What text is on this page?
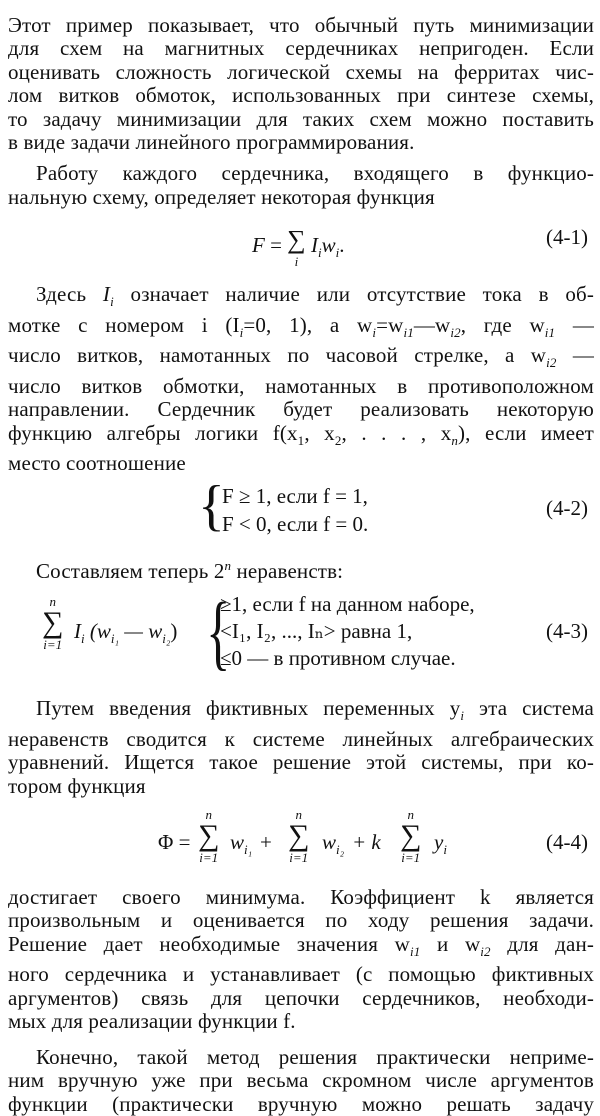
Этот пример показывает, что обычный путь минимизации

для схем на магнитных сердечниках непригоден. Если

оценивать сложность логической схемы на ферритах чис-

лом витков обмоток, использованных при синтезе схемы,

то задачу минимизации для таких схем можно поставить

в виде задачи линейного программирования.

Работу каждого сердечника, входящего в функцио-

нальную схему, определяет некоторая функция

F = ∑
i
$I_iw_i$.	(4-1)

Здесь $I_i$ означает наличие или отсутствие тока в об-

мотке с номером i ($I_i=0$, 1), а $w_i=w_{i1}—w_{i2}$, где $w_{i1}$ —

число витков, намотанных по часовой стрелке, а $w_{i2}$ —

число витков обмотки, намотанных в противоположном

направлении. Сердечник будет реализовать некоторую

функцию алгебры логики $f(x_1$, $x_2$, . . . , $x_n$), если имеет

место соотношение

{
F ≥ 1, если f = 1,
F < 0, если f = 0.
(4-2)

Составляем теперь 2$^n$ неравенств:

n
∑
i=1
$I_i$ ($w_{i_1}$ — $w_{i_2}$) {
≥1, если f на данном наборе,
<I₁, I₂, ..., Iₙ> равна 1,
≤0 — в противном случае.
(4-3)

Путем введения фиктивных переменных $y_i$ эта система

неравенств сводится к системе линейных алгебраических

уравнений. Ищется такое решение этой системы, при ко-

тором функция

Φ =
n
∑
i=1
$w_{i_1}$ +
n
∑
i=1
$w_{i_2} + k$
n
∑
i=1
$y_i$	(4-4)

достигает своего минимума. Коэффициент k является

произвольным и оценивается по ходу решения задачи.

Решение дает необходимые значения $w_{i1}$ и $w_{i2}$ для дан-

ного сердечника и устанавливает (с помощью фиктивных

аргументов) связь для цепочки сердечников, необходи-

мых для реализации функции f.

Конечно, такой метод решения практически неприме-

ним вручную уже при весьма скромном числе аргументов

функции (практически вручную можно решать задачу
